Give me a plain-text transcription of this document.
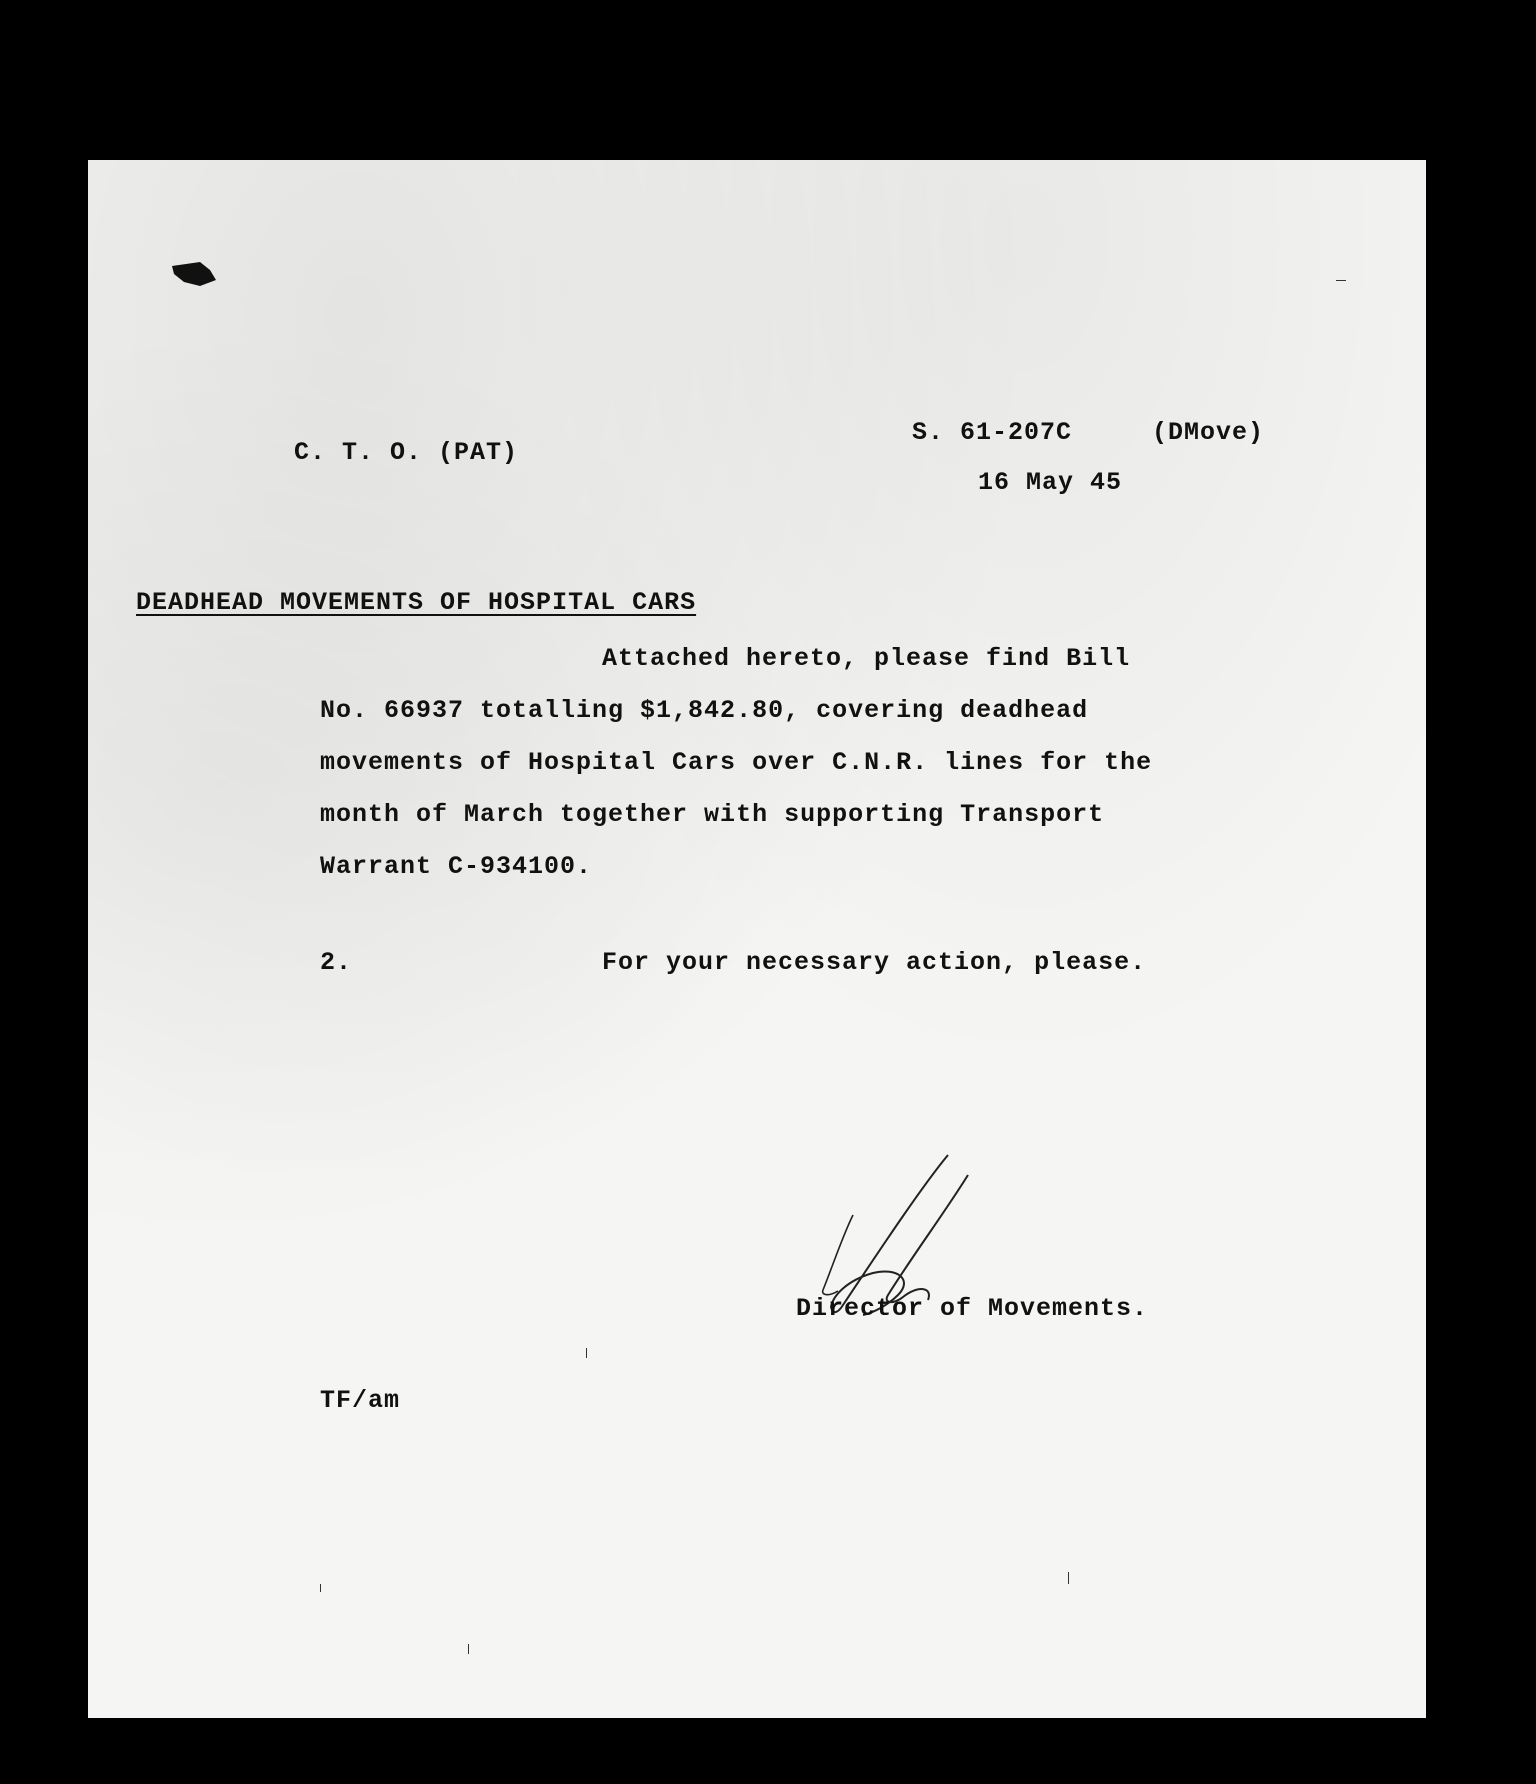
C. T. O. (PAT)
S. 61-207C	(DMove)
16 May 45
DEADHEAD MOVEMENTS OF HOSPITAL CARS
Attached hereto, please find Bill
No. 66937 totalling $1,842.80, covering deadhead
movements of Hospital Cars over C.N.R. lines for the
month of March together with supporting Transport
Warrant C-934100.
2.	For your necessary action, please.
Director of Movements.
TF/am
